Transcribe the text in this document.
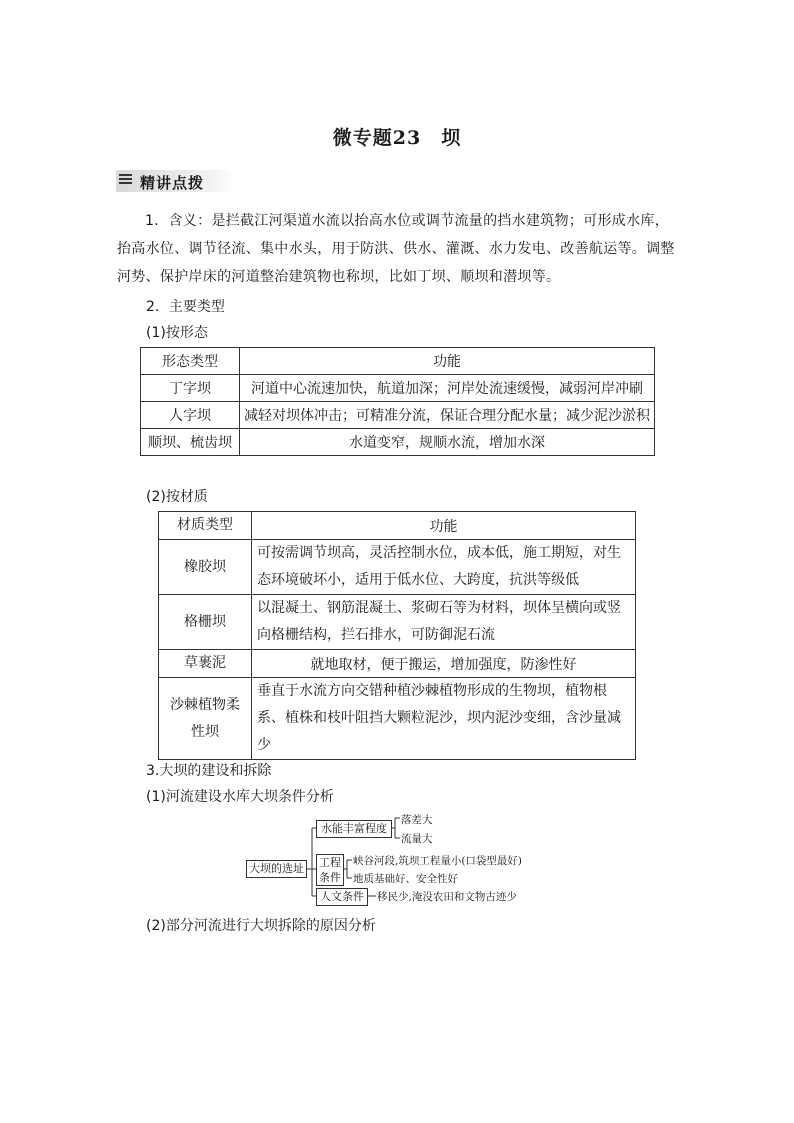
微专题23　坝
精讲点拨
1．含义：是拦截江河渠道水流以抬高水位或调节流量的挡水建筑物；可形成水库，抬高水位、调节径流、集中水头，用于防洪、供水、灌溉、水力发电、改善航运等。调整河势、保护岸床的河道整治建筑物也称坝，比如丁坝、顺坝和潜坝等。
2．主要类型
(1)按形态
形态类型	功能
丁字坝	河道中心流速加快，航道加深；河岸处流速缓慢，减弱河岸冲刷
人字坝	减轻对坝体冲击；可精准分流，保证合理分配水量；减少泥沙淤积
顺坝、梳齿坝	水道变窄，规顺水流，增加水深
(2)按材质
材质类型	功能
橡胶坝	可按需调节坝高，灵活控制水位，成本低，施工期短，对生态环境破坏小，适用于低水位、大跨度，抗洪等级低
格栅坝	以混凝土、钢筋混凝土、浆砌石等为材料，坝体呈横向或竖向格栅结构，拦石排水，可防御泥石流
草裹泥	就地取材，便于搬运，增加强度，防渗性好
沙棘植物柔性坝	垂直于水流方向交错种植沙棘植物形成的生物坝，植物根系、植株和枝叶阻挡大颗粒泥沙，坝内泥沙变细，含沙量减少
3.大坝的建设和拆除
(1)河流建设水库大坝条件分析
大坝的选址
水能丰富程度
落差大
流量大
工程条件
峡谷河段,筑坝工程量小(口袋型最好)
地质基础好、安全性好
人文条件	移民少,淹没农田和文物古迹少
(2)部分河流进行大坝拆除的原因分析
